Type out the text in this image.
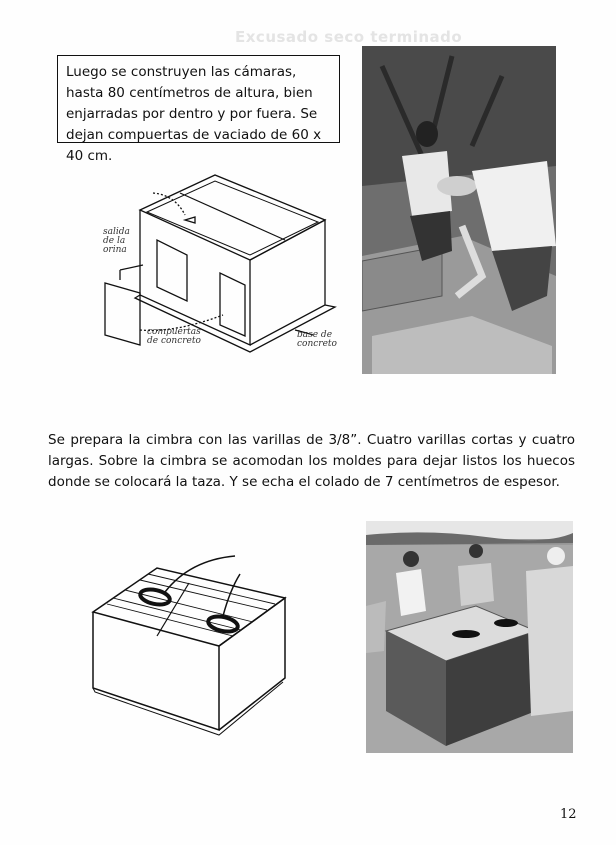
Excusado seco terminado
Luego se construyen las cámaras, hasta 80 centímetros de altura, bien enjarradas por dentro y por fuera. Se dejan compuertas de vaciado de 60 x 40 cm.
salida de la orina
compuertas de concreto
base de concreto
Se prepara la cimbra con las varillas de 3/8”. Cuatro varillas cortas y cuatro largas. Sobre la cimbra se acomodan los moldes para dejar listos los huecos donde se colocará la taza. Y se echa el colado de 7 centímetros de espesor.
12
